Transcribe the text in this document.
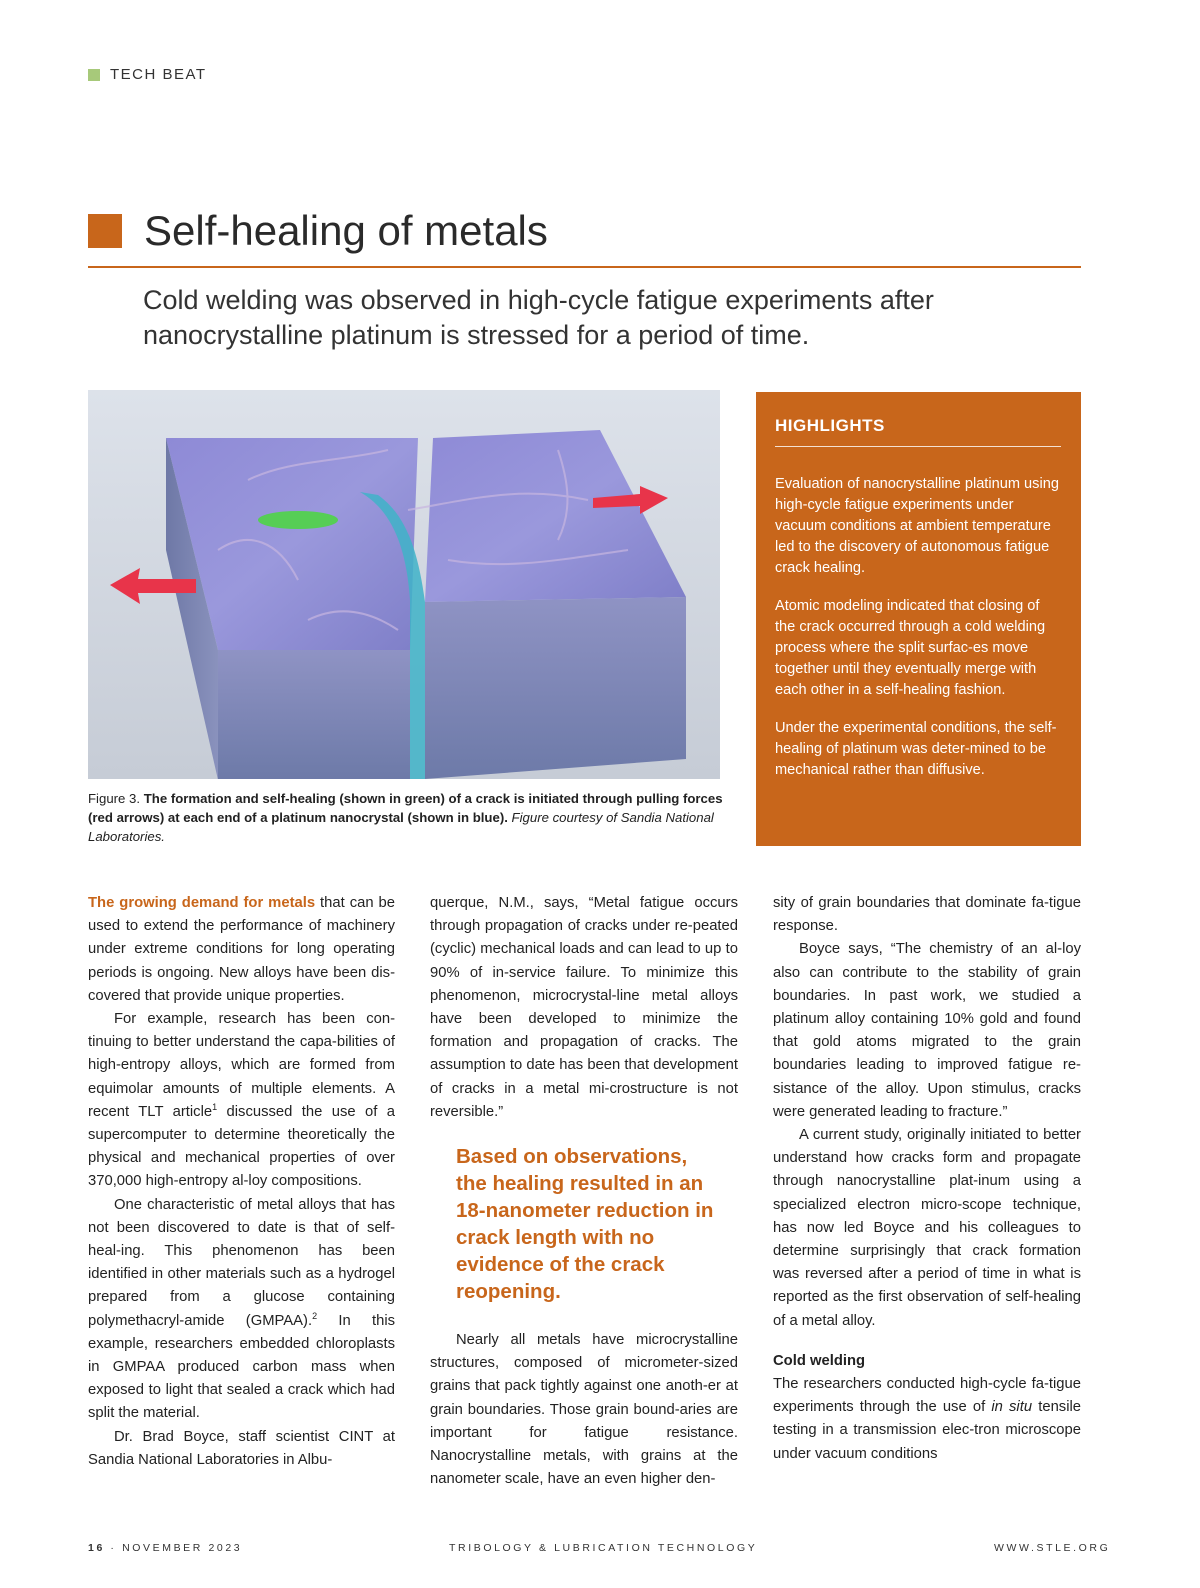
TECH BEAT
Self-healing of metals
Cold welding was observed in high-cycle fatigue experiments after nanocrystalline platinum is stressed for a period of time.
Figure 3. The formation and self-healing (shown in green) of a crack is initiated through pulling forces (red arrows) at each end of a platinum nanocrystal (shown in blue). Figure courtesy of Sandia National Laboratories.
HIGHLIGHTS

Evaluation of nanocrystalline platinum using high-cycle fatigue experiments under vacuum conditions at ambient temperature led to the discovery of autonomous fatigue crack healing.

Atomic modeling indicated that closing of the crack occurred through a cold welding process where the split surfac-es move together until they eventually merge with each other in a self-healing fashion.

Under the experimental conditions, the self-healing of platinum was deter-mined to be mechanical rather than diffusive.

The growing demand for metals that can be used to extend the performance of machinery under extreme conditions for long operating periods is ongoing. New alloys have been dis-covered that provide unique properties.

For example, research has been con-tinuing to better understand the capa-bilities of high-entropy alloys, which are formed from equimolar amounts of multiple elements. A recent TLT article$^1$ discussed the use of a supercomputer to determine theoretically the physical and mechanical properties of over 370,000 high-entropy al-loy compositions.

One characteristic of metal alloys that has not been discovered to date is that of self-heal-ing. This phenomenon has been identified in other materials such as a hydrogel prepared from a glucose containing polymethacryl-amide (GMPAA).$^2$ In this example, researchers embedded chloroplasts in GMPAA produced carbon mass when exposed to light that sealed a crack which had split the material.

Dr. Brad Boyce, staff scientist CINT at Sandia National Laboratories in Albu-

querque, N.M., says, “Metal fatigue occurs through propagation of cracks under re-peated (cyclic) mechanical loads and can lead to up to 90% of in-service failure. To minimize this phenomenon, microcrystal-line metal alloys have been developed to minimize the formation and propagation of cracks. The assumption to date has been that development of cracks in a metal mi-crostructure is not reversible.”

Based on observations, the healing resulted in an 18-nanometer reduction in crack length with no evidence of the crack reopening.

Nearly all metals have microcrystalline structures, composed of micrometer-sized grains that pack tightly against one anoth-er at grain boundaries. Those grain bound-aries are important for fatigue resistance. Nanocrystalline metals, with grains at the nanometer scale, have an even higher den-

sity of grain boundaries that dominate fa-tigue response.

Boyce says, “The chemistry of an al-loy also can contribute to the stability of grain boundaries. In past work, we studied a platinum alloy containing 10% gold and found that gold atoms migrated to the grain boundaries leading to improved fatigue re-sistance of the alloy. Upon stimulus, cracks were generated leading to fracture.”

A current study, originally initiated to better understand how cracks form and propagate through nanocrystalline plat-inum using a specialized electron micro-scope technique, has now led Boyce and his colleagues to determine surprisingly that crack formation was reversed after a period of time in what is reported as the first observation of self-healing of a metal alloy.

Cold welding

The researchers conducted high-cycle fa-tigue experiments through the use of in situ tensile testing in a transmission elec-tron microscope under vacuum conditions

16 · NOVEMBER 2023	TRIBOLOGY & LUBRICATION TECHNOLOGY	WWW.STLE.ORG
